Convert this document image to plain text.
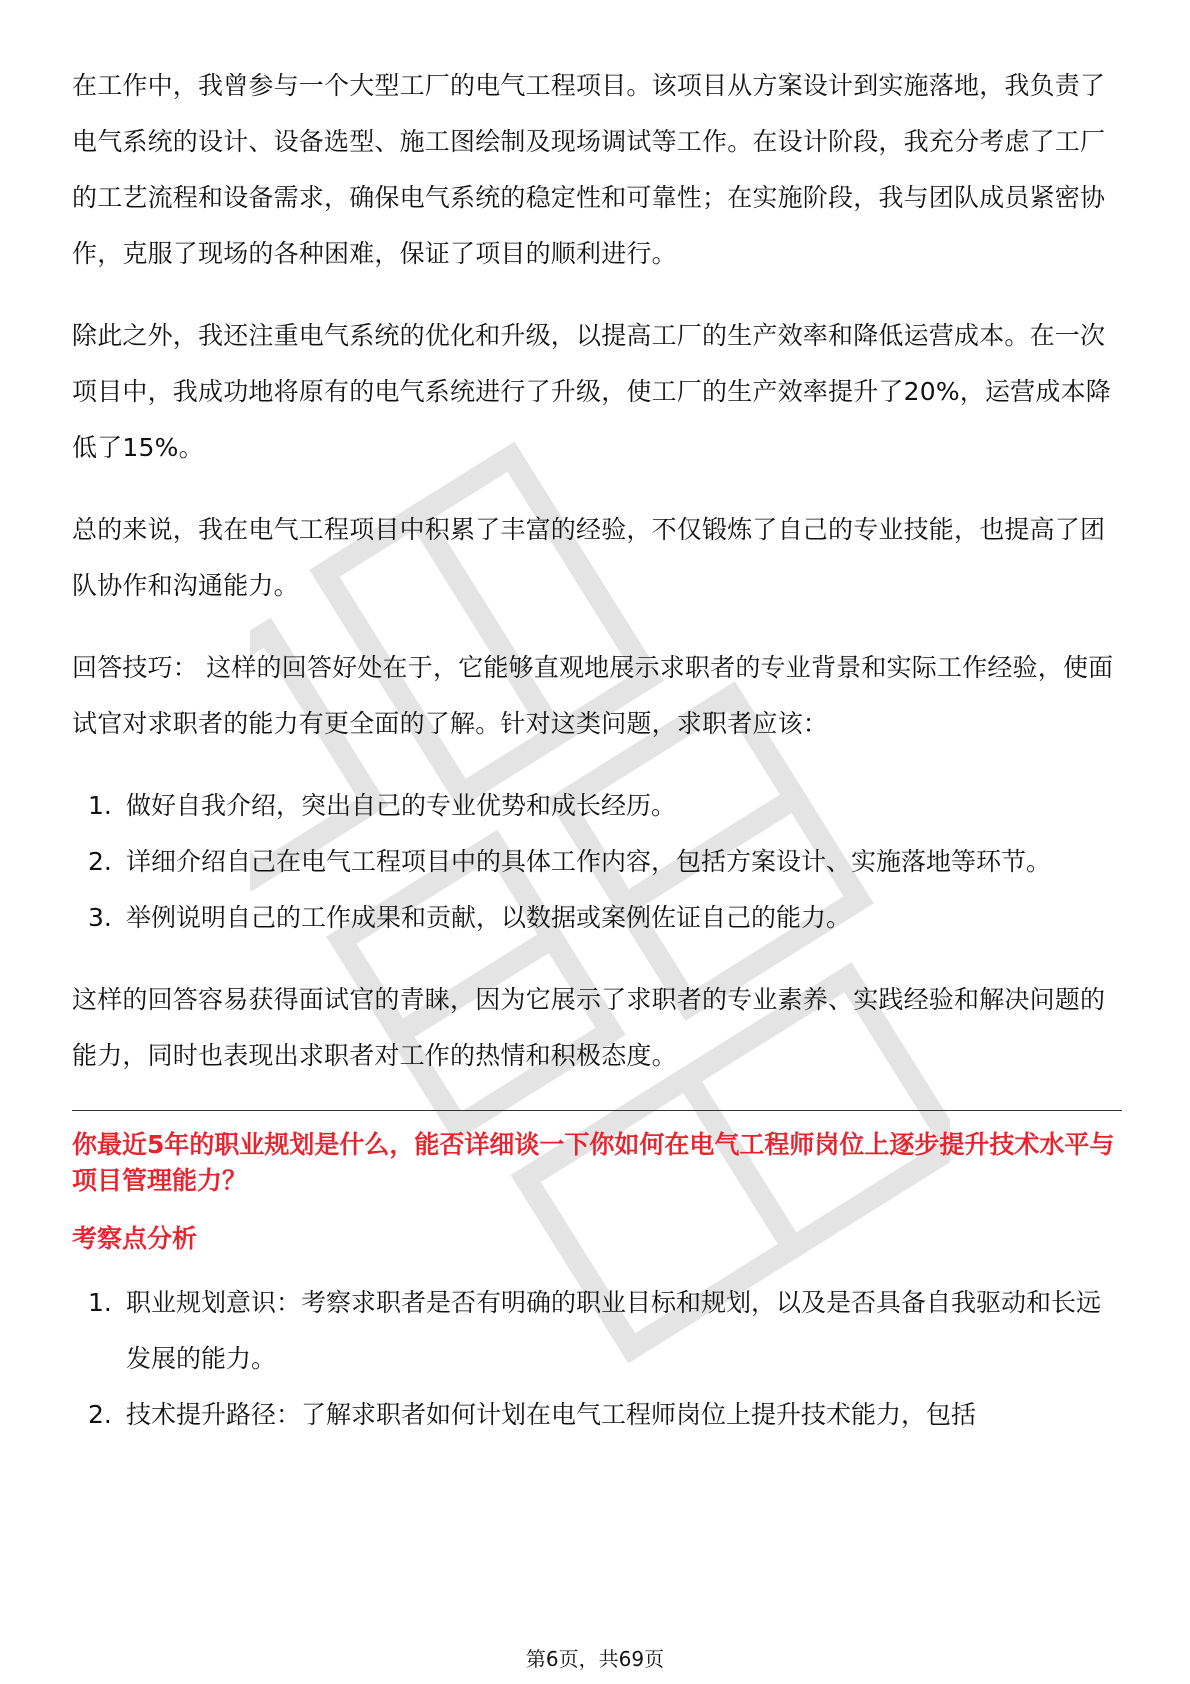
在工作中，我曾参与一个大型工厂的电气工程项目。该项目从方案设计到实施落地，我负责了电气系统的设计、设备选型、施工图绘制及现场调试等工作。在设计阶段，我充分考虑了工厂的工艺流程和设备需求，确保电气系统的稳定性和可靠性；在实施阶段，我与团队成员紧密协作，克服了现场的各种困难，保证了项目的顺利进行。

除此之外，我还注重电气系统的优化和升级，以提高工厂的生产效率和降低运营成本。在一次项目中，我成功地将原有的电气系统进行了升级，使工厂的生产效率提升了20%，运营成本降低了15%。

总的来说，我在电气工程项目中积累了丰富的经验，不仅锻炼了自己的专业技能，也提高了团队协作和沟通能力。

回答技巧： 这样的回答好处在于，它能够直观地展示求职者的专业背景和实际工作经验，使面试官对求职者的能力有更全面的了解。针对这类问题，求职者应该：

1. 做好自我介绍，突出自己的专业优势和成长经历。
2. 详细介绍自己在电气工程项目中的具体工作内容，包括方案设计、实施落地等环节。
3. 举例说明自己的工作成果和贡献，以数据或案例佐证自己的能力。

这样的回答容易获得面试官的青睐，因为它展示了求职者的专业素养、实践经验和解决问题的能力，同时也表现出求职者对工作的热情和积极态度。

你最近5年的职业规划是什么，能否详细谈一下你如何在电气工程师岗位上逐步提升技术水平与项目管理能力？
考察点分析
1. 职业规划意识：考察求职者是否有明确的职业目标和规划，以及是否具备自我驱动和长远发展的能力。
2. 技术提升路径：了解求职者如何计划在电气工程师岗位上提升技术能力，包括
第6页，共69页
